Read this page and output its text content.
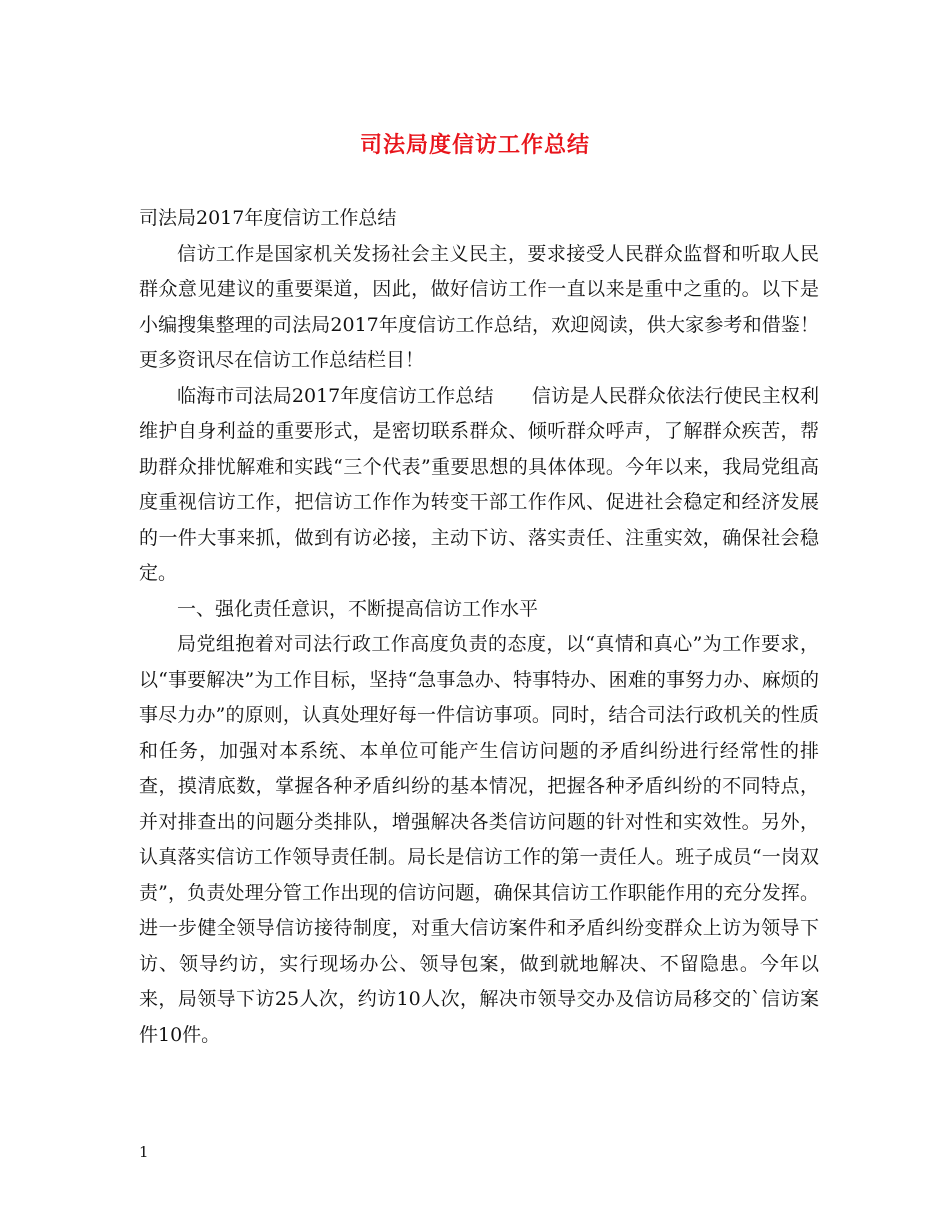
司法局度信访工作总结

司法局2017年度信访工作总结

信访工作是国家机关发扬社会主义民主，要求接受人民群众监督和听取人民群众意见建议的重要渠道，因此，做好信访工作一直以来是重中之重的。以下是小编搜集整理的司法局2017年度信访工作总结，欢迎阅读，供大家参考和借鉴！更多资讯尽在信访工作总结栏目！

临海市司法局2017年度信访工作总结　　信访是人民群众依法行使民主权利维护自身利益的重要形式，是密切联系群众、倾听群众呼声，了解群众疾苦，帮助群众排忧解难和实践“三个代表”重要思想的具体体现。今年以来，我局党组高度重视信访工作，把信访工作作为转变干部工作作风、促进社会稳定和经济发展的一件大事来抓，做到有访必接，主动下访、落实责任、注重实效，确保社会稳定。

一、强化责任意识，不断提高信访工作水平

局党组抱着对司法行政工作高度负责的态度，以“真情和真心”为工作要求，以“事要解决”为工作目标，坚持“急事急办、特事特办、困难的事努力办、麻烦的事尽力办”的原则，认真处理好每一件信访事项。同时，结合司法行政机关的性质和任务，加强对本系统、本单位可能产生信访问题的矛盾纠纷进行经常性的排查，摸清底数，掌握各种矛盾纠纷的基本情况，把握各种矛盾纠纷的不同特点，并对排查出的问题分类排队，增强解决各类信访问题的针对性和实效性。另外，认真落实信访工作领导责任制。局长是信访工作的第一责任人。班子成员“一岗双责”，负责处理分管工作出现的信访问题，确保其信访工作职能作用的充分发挥。进一步健全领导信访接待制度，对重大信访案件和矛盾纠纷变群众上访为领导下访、领导约访，实行现场办公、领导包案，做到就地解决、不留隐患。今年以来，局领导下访25人次，约访10人次，解决市领导交办及信访局移交的`信访案件10件。

1
